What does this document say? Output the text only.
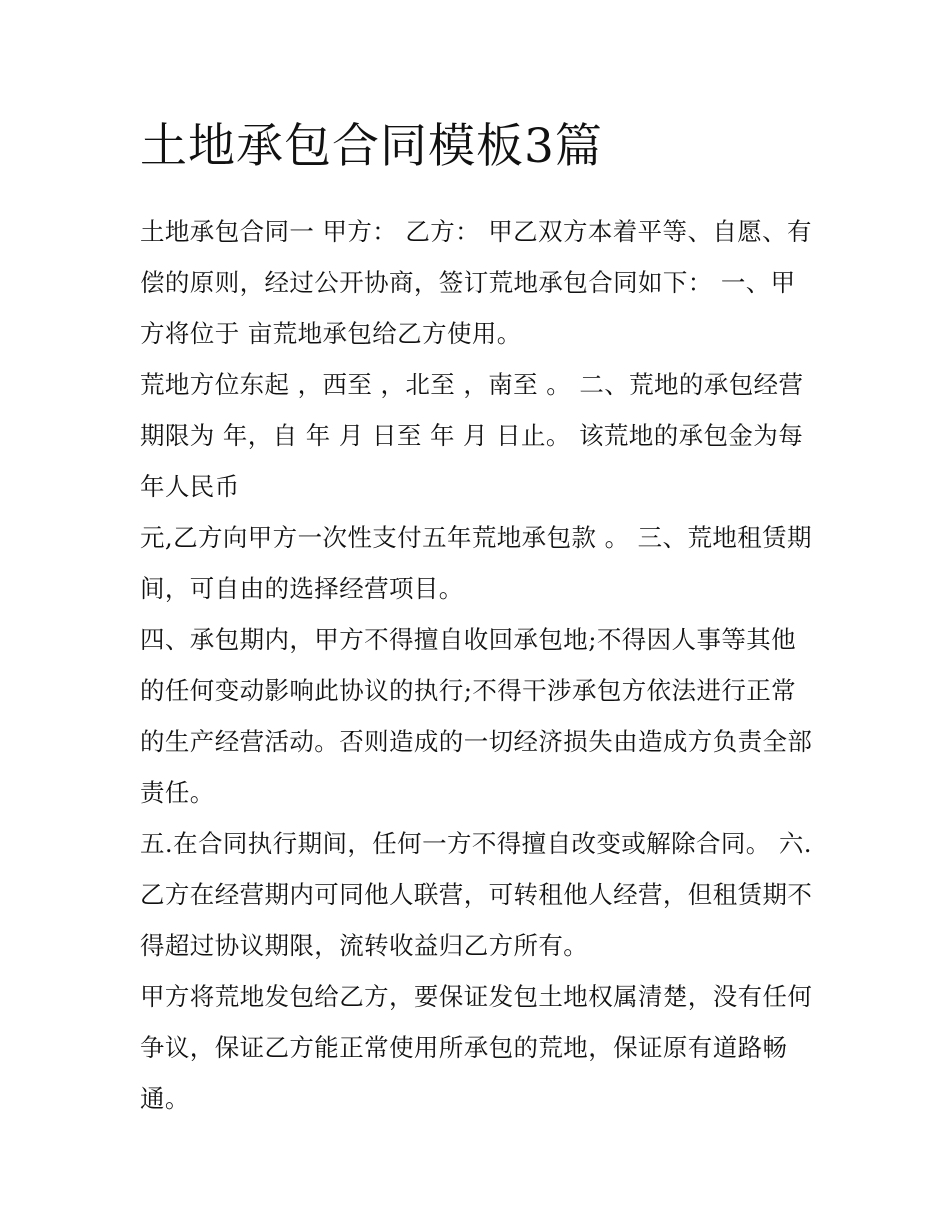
土地承包合同模板3篇

土地承包合同一 甲方： 乙方： 甲乙双方本着平等、自愿、有偿的原则，经过公开协商，签订荒地承包合同如下： 一、甲方将位于 亩荒地承包给乙方使用。

荒地方位东起 ，西至 ，北至 ，南至 。 二、荒地的承包经营期限为 年，自 年 月 日至 年 月 日止。 该荒地的承包金为每年人民币

元,乙方向甲方一次性支付五年荒地承包款 。 三、荒地租赁期间，可自由的选择经营项目。

四、承包期内，甲方不得擅自收回承包地;不得因人事等其他的任何变动影响此协议的执行;不得干涉承包方依法进行正常的生产经营活动。否则造成的一切经济损失由造成方负责全部责任。

五.在合同执行期间，任何一方不得擅自改变或解除合同。 六.乙方在经营期内可同他人联营，可转租他人经营，但租赁期不得超过协议期限，流转收益归乙方所有。

甲方将荒地发包给乙方，要保证发包土地权属清楚，没有任何争议，保证乙方能正常使用所承包的荒地，保证原有道路畅通。
